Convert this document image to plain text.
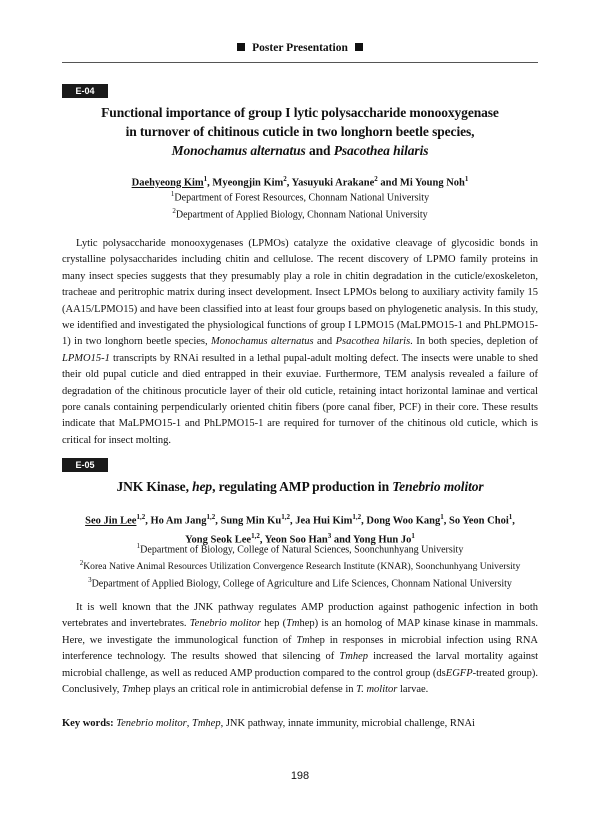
Poster Presentation
E-04
Functional importance of group I lytic polysaccharide monooxygenase
in turnover of chitinous cuticle in two longhorn beetle species,
Monochamus alternatus and Psacothea hilaris
Daehyeong Kim$^1$, Myeongjin Kim$^2$, Yasuyuki Arakane$^2$ and Mi Young Noh$^1$
$^1$Department of Forest Resources, Chonnam National University
$^2$Department of Applied Biology, Chonnam National University

Lytic polysaccharide monooxygenases (LPMOs) catalyze the oxidative cleavage of glycosidic bonds in crystalline polysaccharides including chitin and cellulose. The recent discovery of LPMO family proteins in many insect species suggests that they presumably play a role in chitin degradation in the cuticle/exoskeleton, tracheae and peritrophic matrix during insect development. Insect LPMOs belong to auxiliary activity family 15 (AA15/LPMO15) and have been classified into at least four groups based on phylogenetic analysis. In this study, we identified and investigated the physiological functions of group I LPMO15 (MaLPMO15-1 and PhLPMO15-1) in two longhorn beetle species, Monochamus alternatus and Psacothea hilaris. In both species, depletion of LPMO15-1 transcripts by RNAi resulted in a lethal pupal-adult molting defect. The insects were unable to shed their old pupal cuticle and died entrapped in their exuviae. Furthermore, TEM analysis revealed a failure of degradation of the chitinous procuticle layer of their old cuticle, retaining intact horizontal laminae and vertical pore canals containing perpendicularly oriented chitin fibers (pore canal fiber, PCF) in their core. These results indicate that MaLPMO15-1 and PhLPMO15-1 are required for turnover of the chitinous old cuticle, which is critical for insect molting.

E-05
JNK Kinase, hep, regulating AMP production in Tenebrio molitor
Seo Jin Lee$^{1,2}$, Ho Am Jang$^{1,2}$, Sung Min Ku$^{1,2}$, Jea Hui Kim$^{1,2}$, Dong Woo Kang$^1$, So Yeon Choi$^1$,
Yong Seok Lee$^{1,2}$, Yeon Soo Han$^3$ and Yong Hun Jo$^1$
$^1$Department of Biology, College of Natural Sciences, Soonchunhyang University
$^2$Korea Native Animal Resources Utilization Convergence Research Institute (KNAR), Soonchunhyang University
$^3$Department of Applied Biology, College of Agriculture and Life Sciences, Chonnam National University

It is well known that the JNK pathway regulates AMP production against pathogenic infection in both vertebrates and invertebrates. Tenebrio molitor hep (Tmhep) is an homolog of MAP kinase kinase in mammals. Here, we investigate the immunological function of Tmhep in responses in microbial infection using RNA interference technology. The results showed that silencing of Tmhep increased the larval mortality against microbial challenge, as well as reduced AMP production compared to the control group (dsEGFP-treated group). Conclusively, Tmhep plays an critical role in antimicrobial defense in T. molitor larvae.

Key words: Tenebrio molitor, Tmhep, JNK pathway, innate immunity, microbial challenge, RNAi
198
